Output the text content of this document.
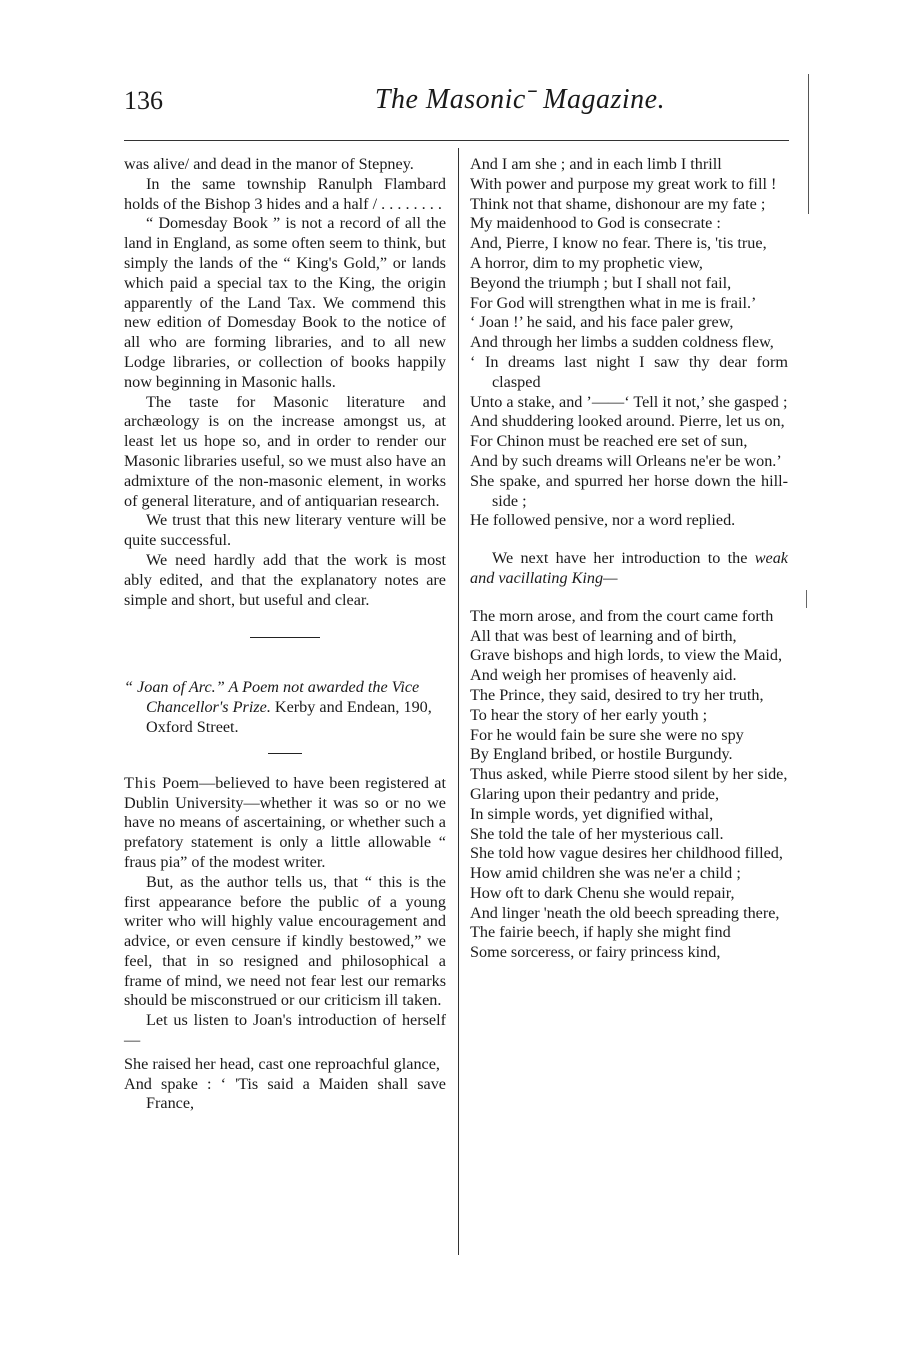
136	The Masonicˉ Magazine.

was alive/ and dead in the manor of Stepney.

In the same township Ranulph Flambard holds of the Bishop 3 hides and a half / . . . . . . . .

“ Domesday Book ” is not a record of all the land in England, as some often seem to think, but simply the lands of the “ King's Gold,” or lands which paid a special tax to the King, the origin apparently of the Land Tax. We commend this new edition of Domesday Book to the notice of all who are forming libraries, and to all new Lodge libraries, or collection of books happily now beginning in Masonic halls.

The taste for Masonic literature and archæology is on the increase amongst us, at least let us hope so, and in order to render our Masonic libraries useful, so we must also have an admixture of the non-masonic element, in works of general literature, and of antiquarian research.

We trust that this new literary venture will be quite successful.

We need hardly add that the work is most ably edited, and that the explanatory notes are simple and short, but useful and clear.

“ Joan of Arc.” A Poem not awarded the Vice Chancellor's Prize. Kerby and Endean, 190, Oxford Street.

This Poem—believed to have been registered at Dublin University—whether it was so or no we have no means of ascertaining, or whether such a prefatory statement is only a little allowable “ fraus pia” of the modest writer.

But, as the author tells us, that “ this is the first appearance before the public of a young writer who will highly value encouragement and advice, or even censure if kindly bestowed,” we feel, that in so resigned and philosophical a frame of mind, we need not fear lest our remarks should be misconstrued or our criticism ill taken.

Let us listen to Joan's introduction of herself—

She raised her head, cast one reproachful glance,

And spake : ‘ 'Tis said a Maiden shall save France,

And I am she ; and in each limb I thrill

With power and purpose my great work to fill !

Think not that shame, dishonour are my fate ;

My maidenhood to God is consecrate :

And, Pierre, I know no fear. There is, 'tis true,

A horror, dim to my prophetic view,

Beyond the triumph ; but I shall not fail,

For God will strengthen what in me is frail.’

‘ Joan !’ he said, and his face paler grew,

And through her limbs a sudden coldness flew,

‘ In dreams last night I saw thy dear form clasped

Unto a stake, and ’——‘ Tell it not,’ she gasped ;

And shuddering looked around. Pierre, let us on,

For Chinon must be reached ere set of sun,

And by such dreams will Orleans ne'er be won.’

She spake, and spurred her horse down the hill-side ;

He followed pensive, nor a word replied.

We next have her introduction to the weak and vacillating King—

The morn arose, and from the court came forth

All that was best of learning and of birth,

Grave bishops and high lords, to view the Maid,

And weigh her promises of heavenly aid.

The Prince, they said, desired to try her truth,

To hear the story of her early youth ;

For he would fain be sure she were no spy

By England bribed, or hostile Burgundy.

Thus asked, while Pierre stood silent by her side,

Glaring upon their pedantry and pride,

In simple words, yet dignified withal,

She told the tale of her mysterious call.

She told how vague desires her childhood filled,

How amid children she was ne'er a child ;

How oft to dark Chenu she would repair,

And linger 'neath the old beech spreading there,

The fairie beech, if haply she might find

Some sorceress, or fairy princess kind,
